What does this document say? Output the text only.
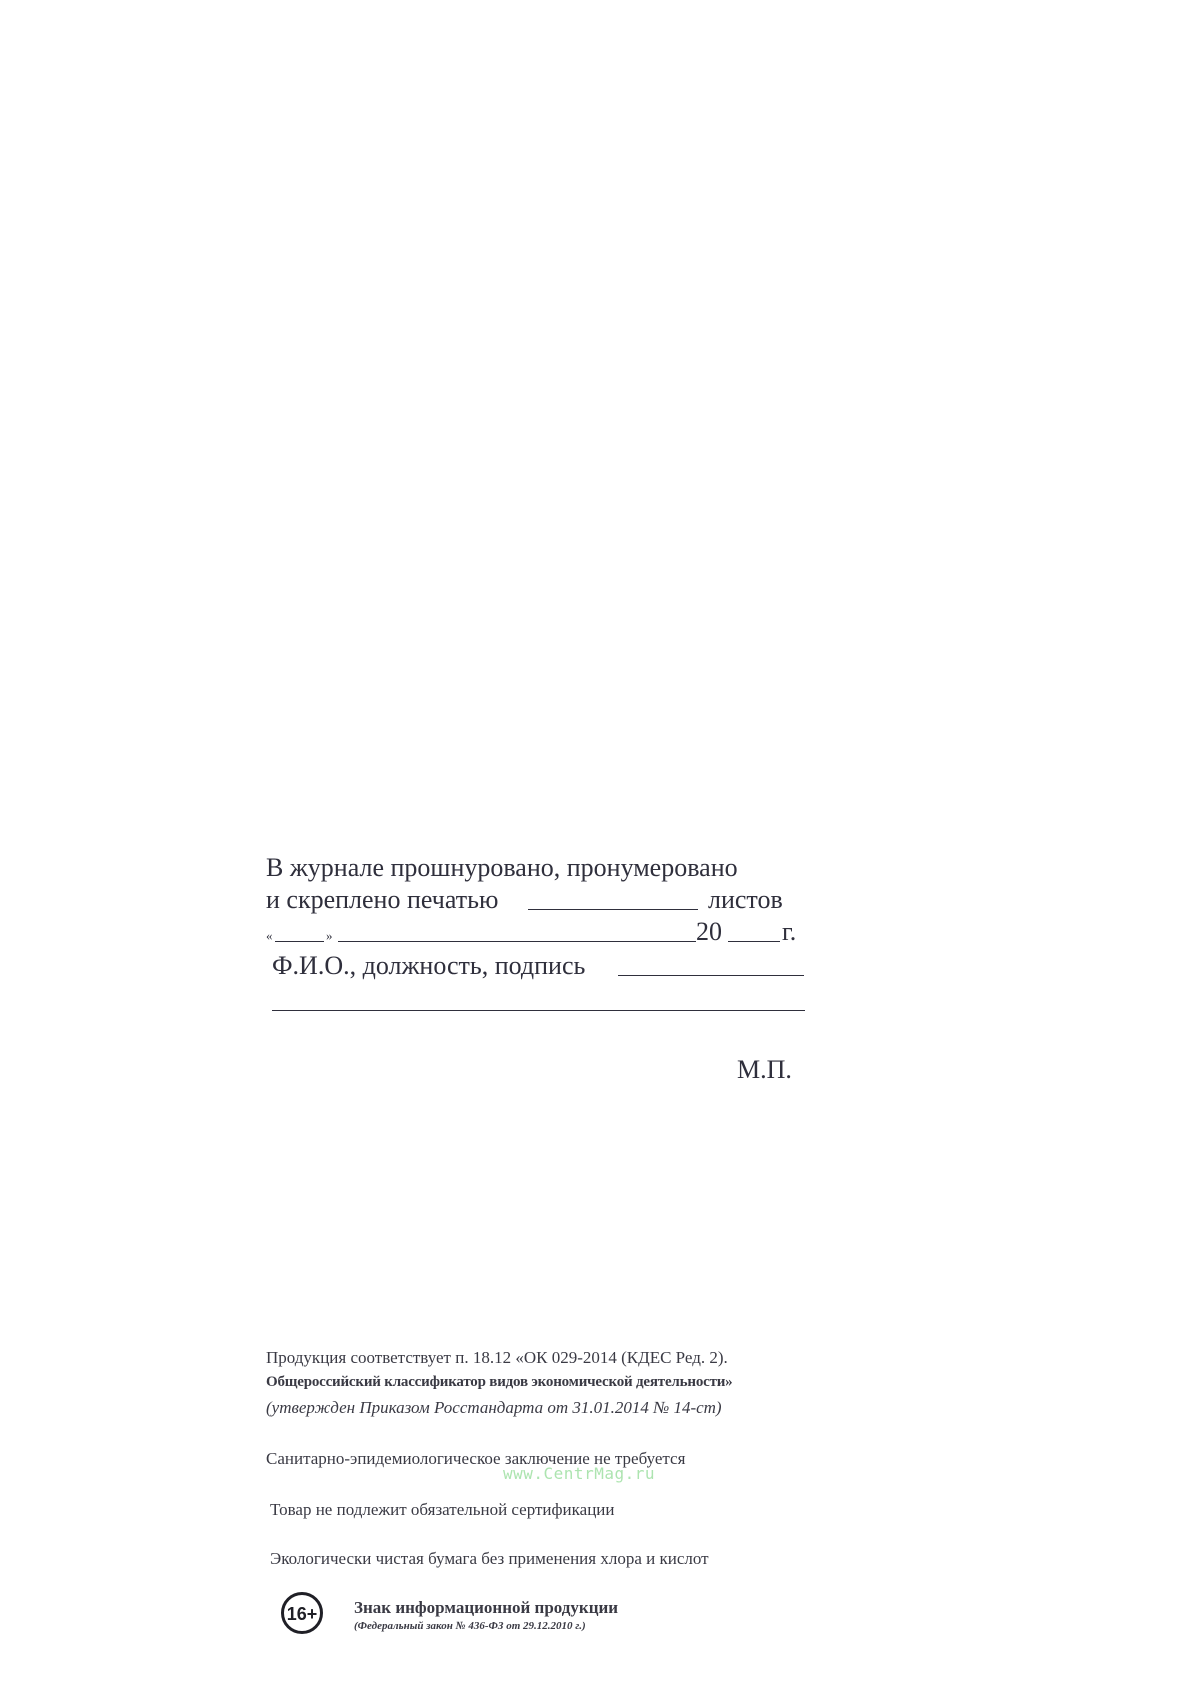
В журнале прошнуровано, пронумеровано
и скреплено печатью	листов
«	»	20 г.
Ф.И.О., должность, подпись
М.П.
Продукция соответствует п. 18.12 «ОК 029-2014 (КДЕС Ред. 2).
Общероссийский классификатор видов экономической деятельности»
(утвержден Приказом Росстандарта от 31.01.2014 № 14-ст)
Санитарно-эпидемиологическое заключение не требуется
www.CentrMag.ru
Товар не подлежит обязательной сертификации
Экологически чистая бумага без применения хлора и кислот
16+ Знак информационной продукции
(Федеральный закон № 436-ФЗ от 29.12.2010 г.)
